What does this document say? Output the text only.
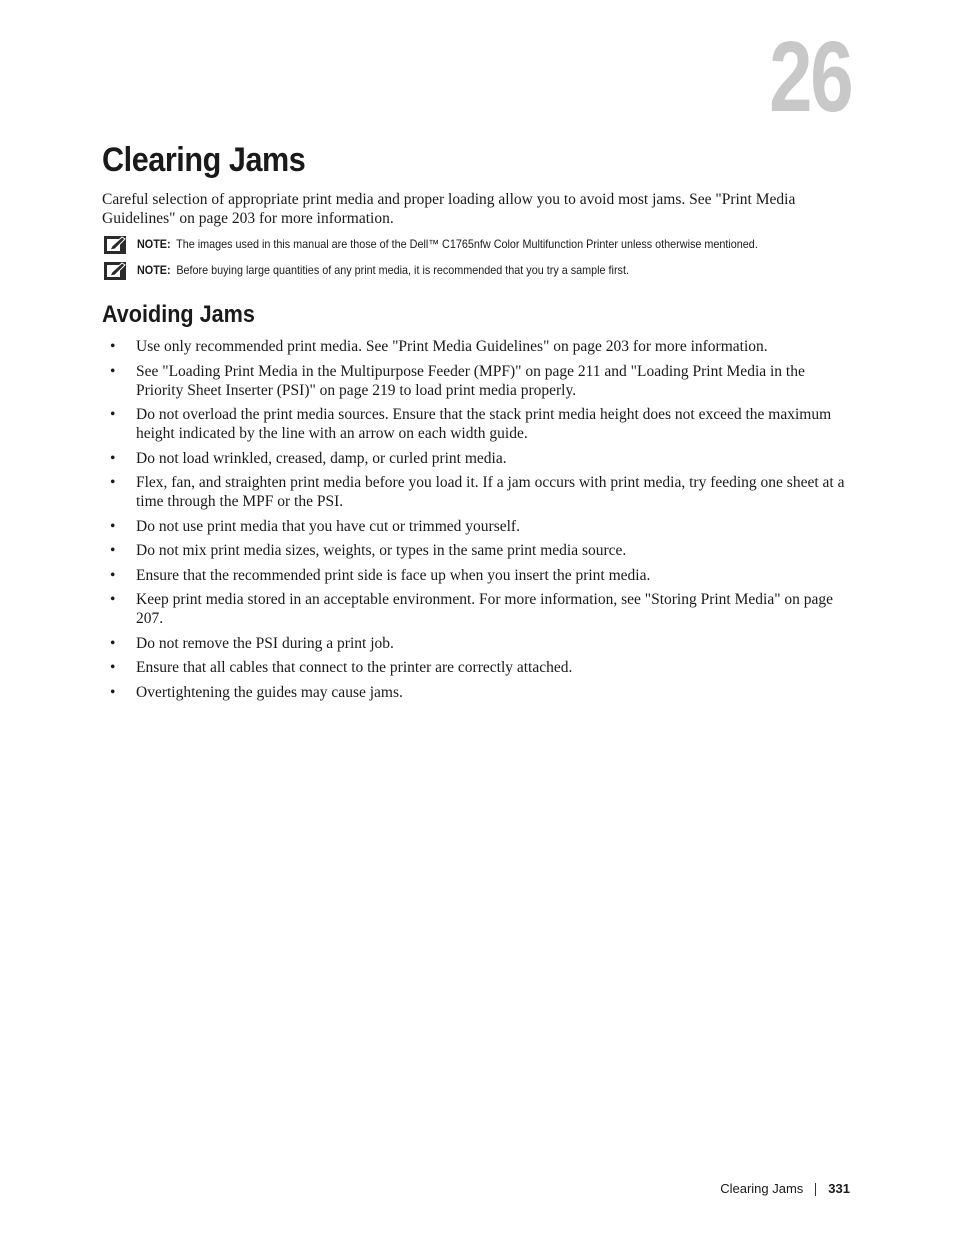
26
Clearing Jams

Careful selection of appropriate print media and proper loading allow you to avoid most jams. See "Print Media Guidelines" on page 203 for more information.

NOTE: The images used in this manual are those of the Dell™ C1765nfw Color Multifunction Printer unless otherwise mentioned.
NOTE: Before buying large quantities of any print media, it is recommended that you try a sample first.
Avoiding Jams
• Use only recommended print media. See "Print Media Guidelines" on page 203 for more information.
• See "Loading Print Media in the Multipurpose Feeder (MPF)" on page 211 and "Loading Print Media in the Priority Sheet Inserter (PSI)" on page 219 to load print media properly.
• Do not overload the print media sources. Ensure that the stack print media height does not exceed the maximum height indicated by the line with an arrow on each width guide.
• Do not load wrinkled, creased, damp, or curled print media.
• Flex, fan, and straighten print media before you load it. If a jam occurs with print media, try feeding one sheet at a time through the MPF or the PSI.
• Do not use print media that you have cut or trimmed yourself.
• Do not mix print media sizes, weights, or types in the same print media source.
• Ensure that the recommended print side is face up when you insert the print media.
• Keep print media stored in an acceptable environment. For more information, see "Storing Print Media" on page 207.
• Do not remove the PSI during a print job.
• Ensure that all cables that connect to the printer are correctly attached.
• Overtightening the guides may cause jams.
Clearing Jams 331
